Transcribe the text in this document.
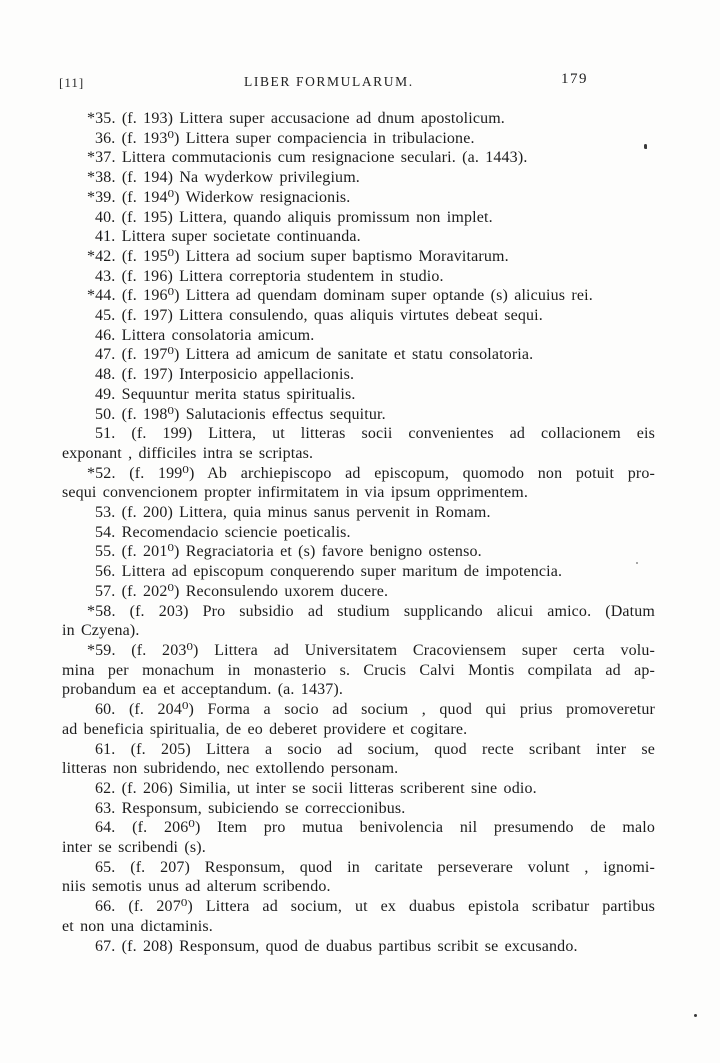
[11]	LIBER FORMULARUM.	179
*35. (f. 193) Littera super accusacione ad dnum apostolicum.
36. (f. 193⁰) Littera super compaciencia in tribulacione.
*37. Littera commutacionis cum resignacione seculari. (a. 1443).
*38. (f. 194) Na wyderkow privilegium.
*39. (f. 194⁰) Widerkow resignacionis.
40. (f. 195) Littera, quando aliquis promissum non implet.
41. Littera super societate continuanda.
*42. (f. 195⁰) Littera ad socium super baptismo Moravitarum.
43. (f. 196) Littera correptoria studentem in studio.
*44. (f. 196⁰) Littera ad quendam dominam super optande (s) alicuius rei.
45. (f. 197) Littera consulendo, quas aliquis virtutes debeat sequi.
46. Littera consolatoria amicum.
47. (f. 197⁰) Littera ad amicum de sanitate et statu consolatoria.
48. (f. 197) Interposicio appellacionis.
49. Sequuntur merita status spiritualis.
50. (f. 198⁰) Salutacionis effectus sequitur.
51. (f. 199) Littera, ut litteras socii convenientes ad collacionem eis
exponant , difficiles intra se scriptas.
*52. (f. 199⁰) Ab archiepiscopo ad episcopum, quomodo non potuit pro-
sequi convencionem propter infirmitatem in via ipsum opprimentem.
53. (f. 200) Littera, quia minus sanus pervenit in Romam.
54. Recomendacio sciencie poeticalis.
55. (f. 201⁰) Regraciatoria et (s) favore benigno ostenso.
56. Littera ad episcopum conquerendo super maritum de impotencia.
57. (f. 202⁰) Reconsulendo uxorem ducere.
*58. (f. 203) Pro subsidio ad studium supplicando alicui amico. (Datum
in Czyena).
*59. (f. 203⁰) Littera ad Universitatem Cracoviensem super certa volu-
mina per monachum in monasterio s. Crucis Calvi Montis compilata ad ap-
probandum ea et acceptandum. (a. 1437).
60. (f. 204⁰) Forma a socio ad socium , quod qui prius promoveretur
ad beneficia spiritualia, de eo deberet providere et cogitare.
61. (f. 205) Littera a socio ad socium, quod recte scribant inter se
litteras non subridendo, nec extollendo personam.
62. (f. 206) Similia, ut inter se socii litteras scriberent sine odio.
63. Responsum, subiciendo se correccionibus.
64. (f. 206⁰) Item pro mutua benivolencia nil presumendo de malo
inter se scribendi (s).
65. (f. 207) Responsum, quod in caritate perseverare volunt , ignomi-
niis semotis unus ad alterum scribendo.
66. (f. 207⁰) Littera ad socium, ut ex duabus epistola scribatur partibus
et non una dictaminis.
67. (f. 208) Responsum, quod de duabus partibus scribit se excusando.
